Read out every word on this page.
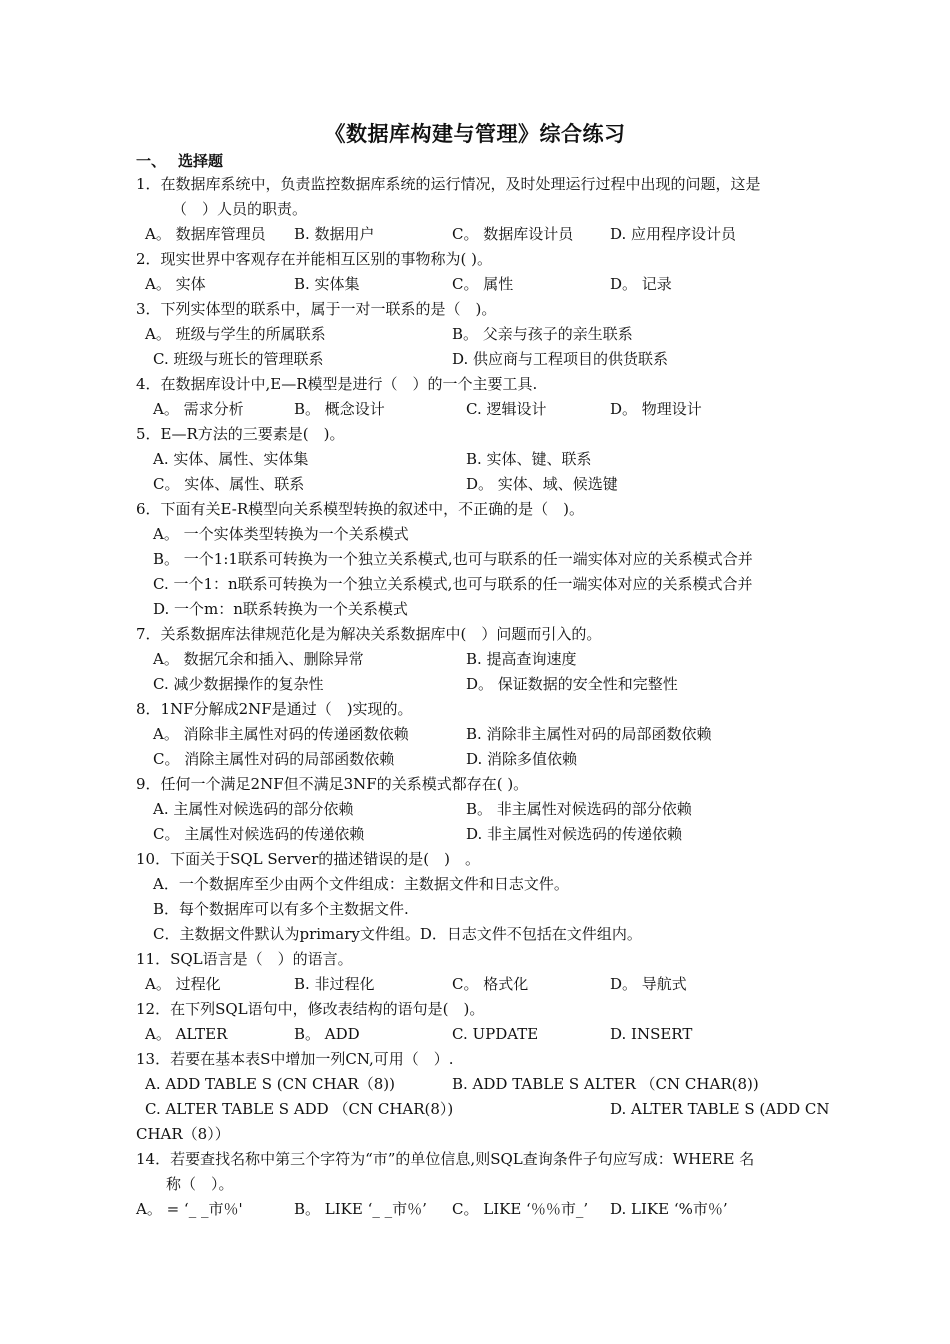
《数据库构建与管理》综合练习
一、 选择题
1．在数据库系统中，负责监控数据库系统的运行情况，及时处理运行过程中出现的问题，这是
（　）人员的职责。
A。 数据库管理员 B. 数据用户	C。 数据库设计员 D. 应用程序设计员
2．现实世界中客观存在并能相互区别的事物称为( )。
A。 实体	B. 实体集	C。 属性	D。 记录
3．下列实体型的联系中，属于一对一联系的是（　)。
A。 班级与学生的所属联系	B。 父亲与孩子的亲生联系
C. 班级与班长的管理联系	D. 供应商与工程项目的供货联系
4．在数据库设计中,E—R模型是进行（　）的一个主要工具.
A。 需求分析	B。 概念设计	C. 逻辑设计	D。 物理设计
5．E—R方法的三要素是(　)。
A. 实体、属性、实体集	B. 实体、键、联系
C。 实体、属性、联系	D。 实体、域、候选键
6．下面有关E-R模型向关系模型转换的叙述中，不正确的是（　)。
A。 一个实体类型转换为一个关系模式
B。 一个1:1联系可转换为一个独立关系模式,也可与联系的任一端实体对应的关系模式合并
C. 一个1：n联系可转换为一个独立关系模式,也可与联系的任一端实体对应的关系模式合并
D. 一个m：n联系转换为一个关系模式
7．关系数据库法律规范化是为解决关系数据库中(　）问题而引入的。
A。 数据冗余和插入、删除异常	B. 提高查询速度
C. 减少数据操作的复杂性	D。 保证数据的安全性和完整性
8．1NF分解成2NF是通过（　)实现的。
A。 消除非主属性对码的传递函数依赖	B. 消除非主属性对码的局部函数依赖
C。 消除主属性对码的局部函数依赖	D. 消除多值依赖
9．任何一个满足2NF但不满足3NF的关系模式都存在( )。
A. 主属性对候选码的部分依赖	B。 非主属性对候选码的部分依赖
C。 主属性对候选码的传递依赖	D. 非主属性对候选码的传递依赖
10．下面关于SQL Server的描述错误的是(　)　。
A．一个数据库至少由两个文件组成：主数据文件和日志文件。
B．每个数据库可以有多个主数据文件.
C．主数据文件默认为primary文件组。D．日志文件不包括在文件组内。
11．SQL语言是（　）的语言。
A。 过程化	B. 非过程化	C。 格式化	D。 导航式
12．在下列SQL语句中，修改表结构的语句是(　)。
A。 ALTER	B。 ADD	C. UPDATE	D. INSERT
13．若要在基本表S中增加一列CN,可用（　）.
A. ADD TABLE S (CN CHAR（8))	B. ADD TABLE S ALTER （CN CHAR(8))
C. ALTER TABLE S ADD （CN CHAR(8）)	D. ALTER TABLE S (ADD CN
CHAR（8））
14．若要查找名称中第三个字符为“市”的单位信息,则SQL查询条件子句应写成：WHERE 名
称（　）。
A。 = ‘_ _市％'	B。 LIKE ‘_ _市％’ C。 LIKE ‘％％市_’ D. LIKE ‘%市％’
